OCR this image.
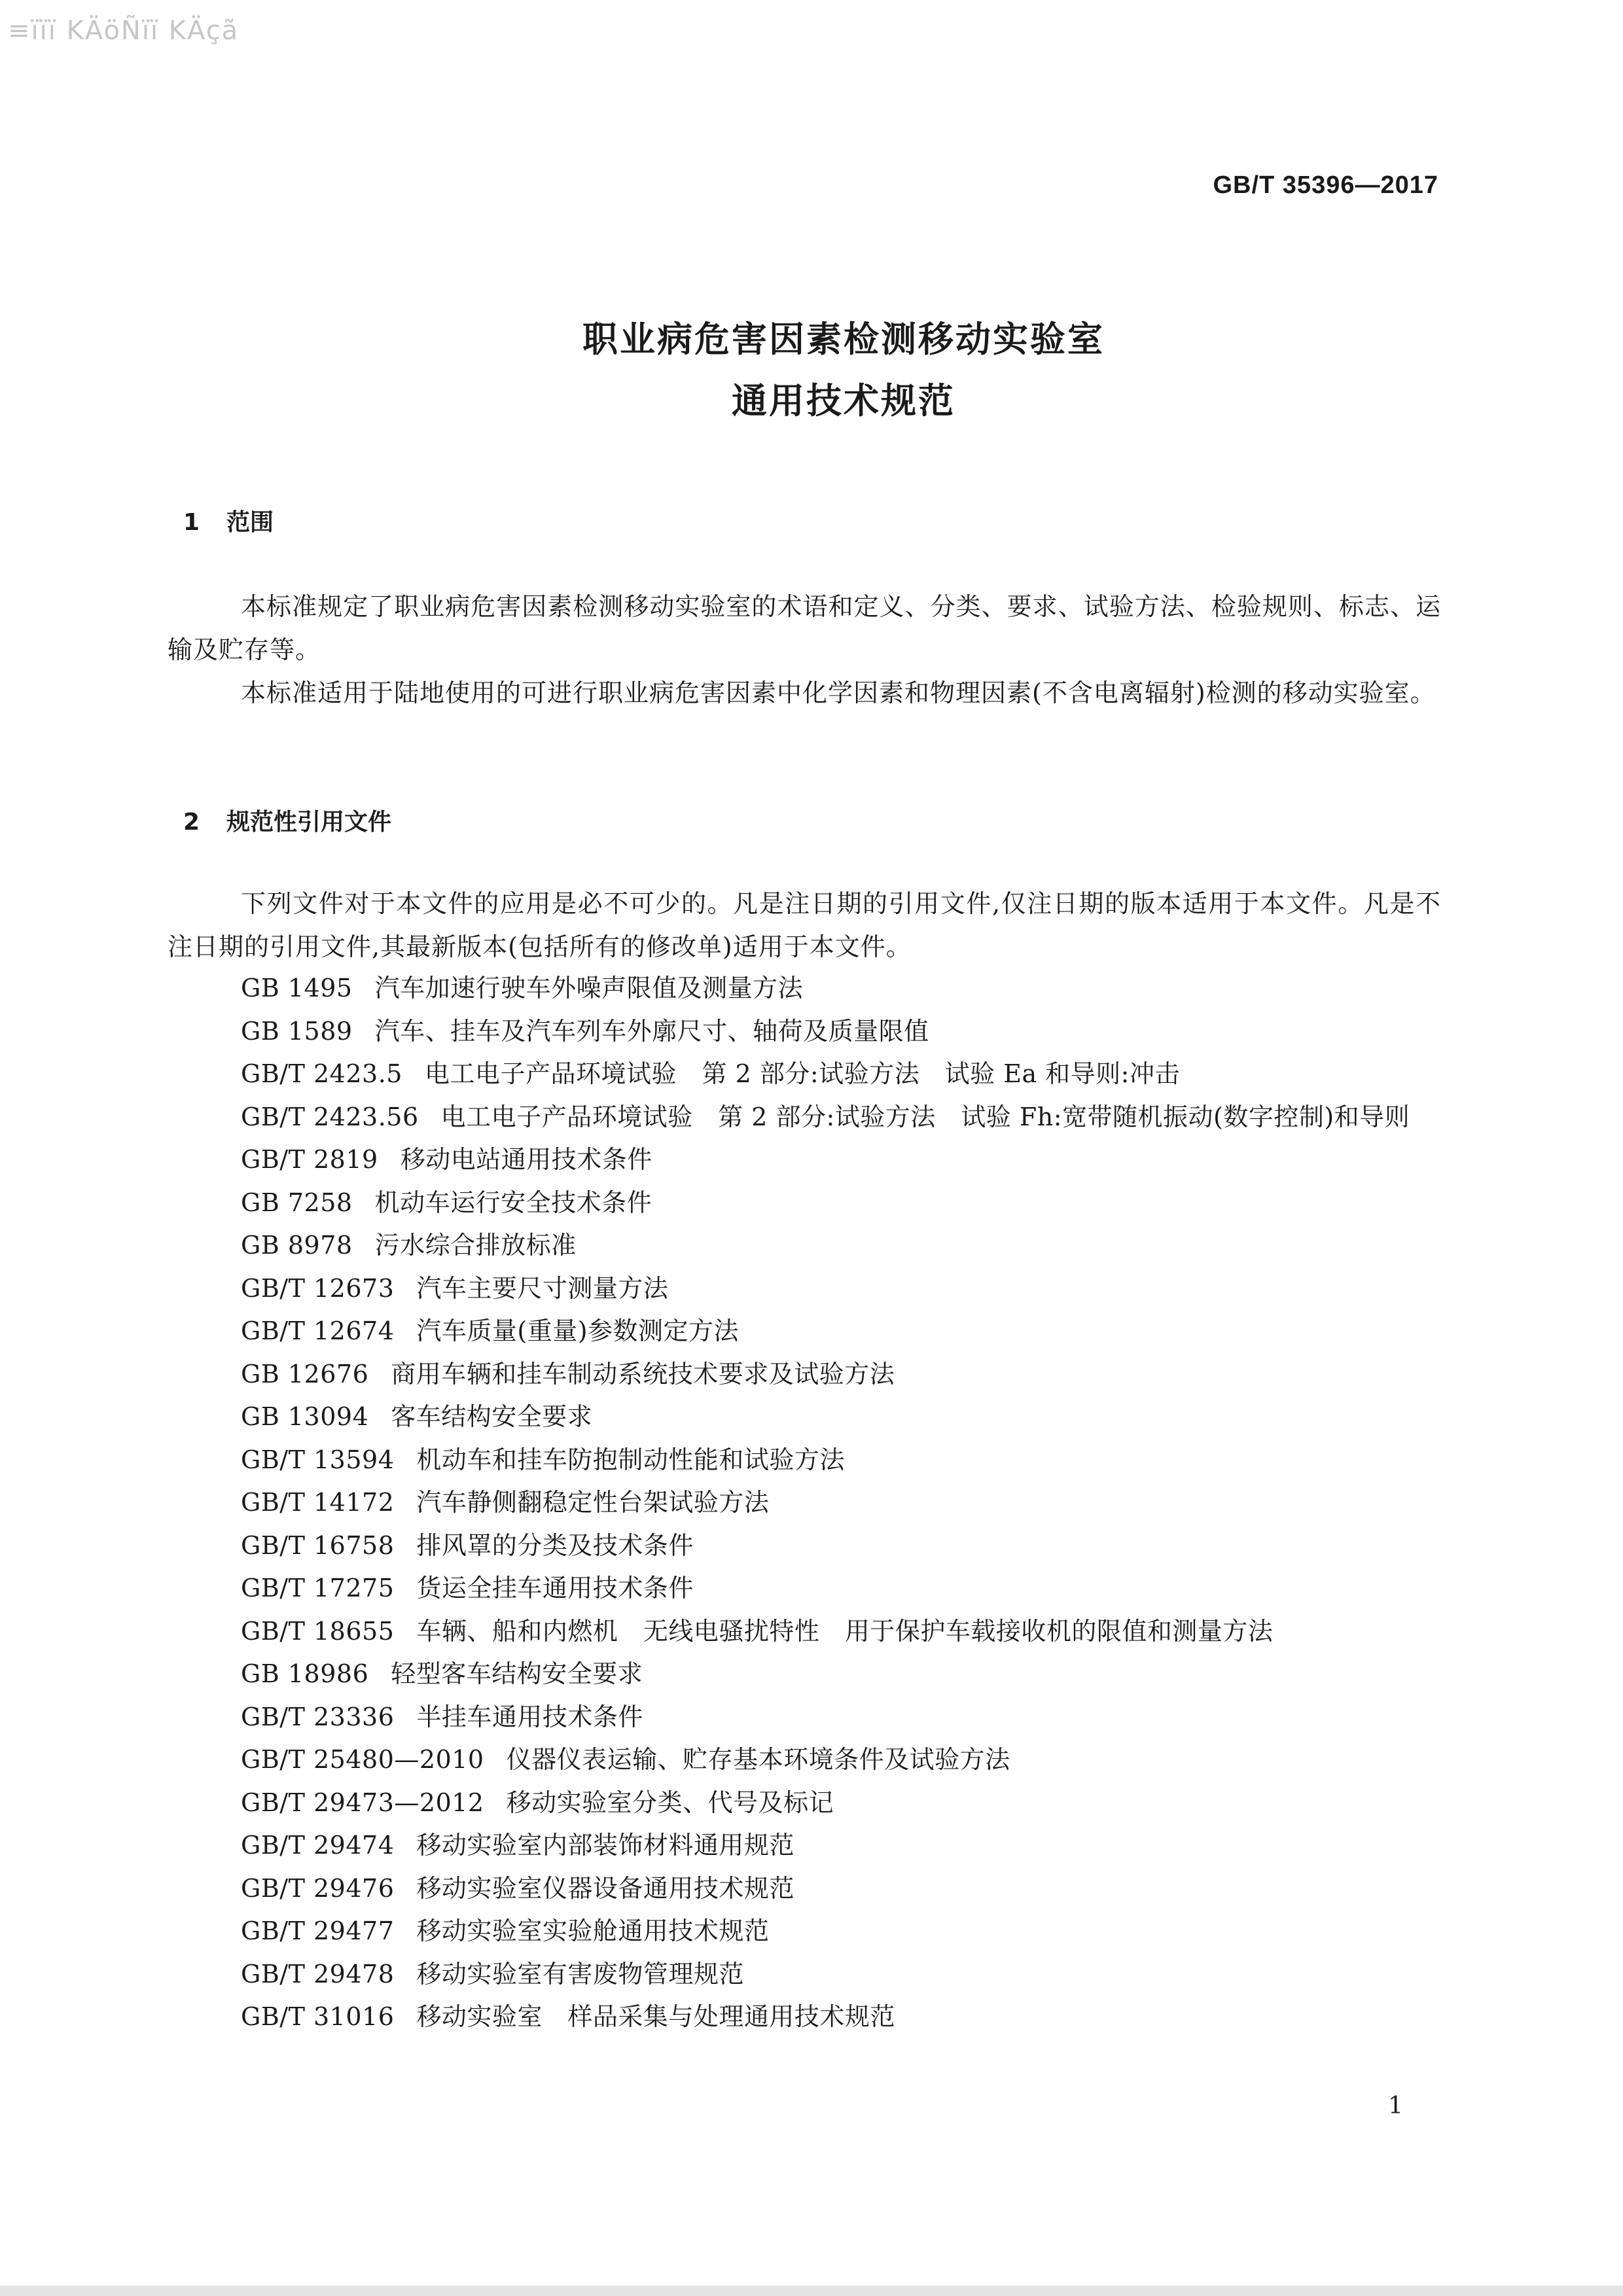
≡ïïï ΚÄöÑïï ΚÄçã
GB/T 35396—2017
职业病危害因素检测移动实验室
通用技术规范
1 范围
本标准规定了职业病危害因素检测移动实验室的术语和定义、分类、要求、试验方法、检验规则、标志、运输及贮存等。
本标准适用于陆地使用的可进行职业病危害因素中化学因素和物理因素(不含电离辐射)检测的移动实验室。
2 规范性引用文件
下列文件对于本文件的应用是必不可少的。凡是注日期的引用文件,仅注日期的版本适用于本文件。凡是不注日期的引用文件,其最新版本(包括所有的修改单)适用于本文件。
GB 1495 汽车加速行驶车外噪声限值及测量方法
GB 1589 汽车、挂车及汽车列车外廓尺寸、轴荷及质量限值
GB/T 2423.5 电工电子产品环境试验　第 2 部分:试验方法　试验 Ea 和导则:冲击
GB/T 2423.56 电工电子产品环境试验　第 2 部分:试验方法　试验 Fh:宽带随机振动(数字控制)和导则
GB/T 2819 移动电站通用技术条件
GB 7258 机动车运行安全技术条件
GB 8978 污水综合排放标准
GB/T 12673 汽车主要尺寸测量方法
GB/T 12674 汽车质量(重量)参数测定方法
GB 12676 商用车辆和挂车制动系统技术要求及试验方法
GB 13094 客车结构安全要求
GB/T 13594 机动车和挂车防抱制动性能和试验方法
GB/T 14172 汽车静侧翻稳定性台架试验方法
GB/T 16758 排风罩的分类及技术条件
GB/T 17275 货运全挂车通用技术条件
GB/T 18655 车辆、船和内燃机　无线电骚扰特性　用于保护车载接收机的限值和测量方法
GB 18986 轻型客车结构安全要求
GB/T 23336 半挂车通用技术条件
GB/T 25480—2010 仪器仪表运输、贮存基本环境条件及试验方法
GB/T 29473—2012 移动实验室分类、代号及标记
GB/T 29474 移动实验室内部装饰材料通用规范
GB/T 29476 移动实验室仪器设备通用技术规范
GB/T 29477 移动实验室实验舱通用技术规范
GB/T 29478 移动实验室有害废物管理规范
GB/T 31016 移动实验室　样品采集与处理通用技术规范
1
